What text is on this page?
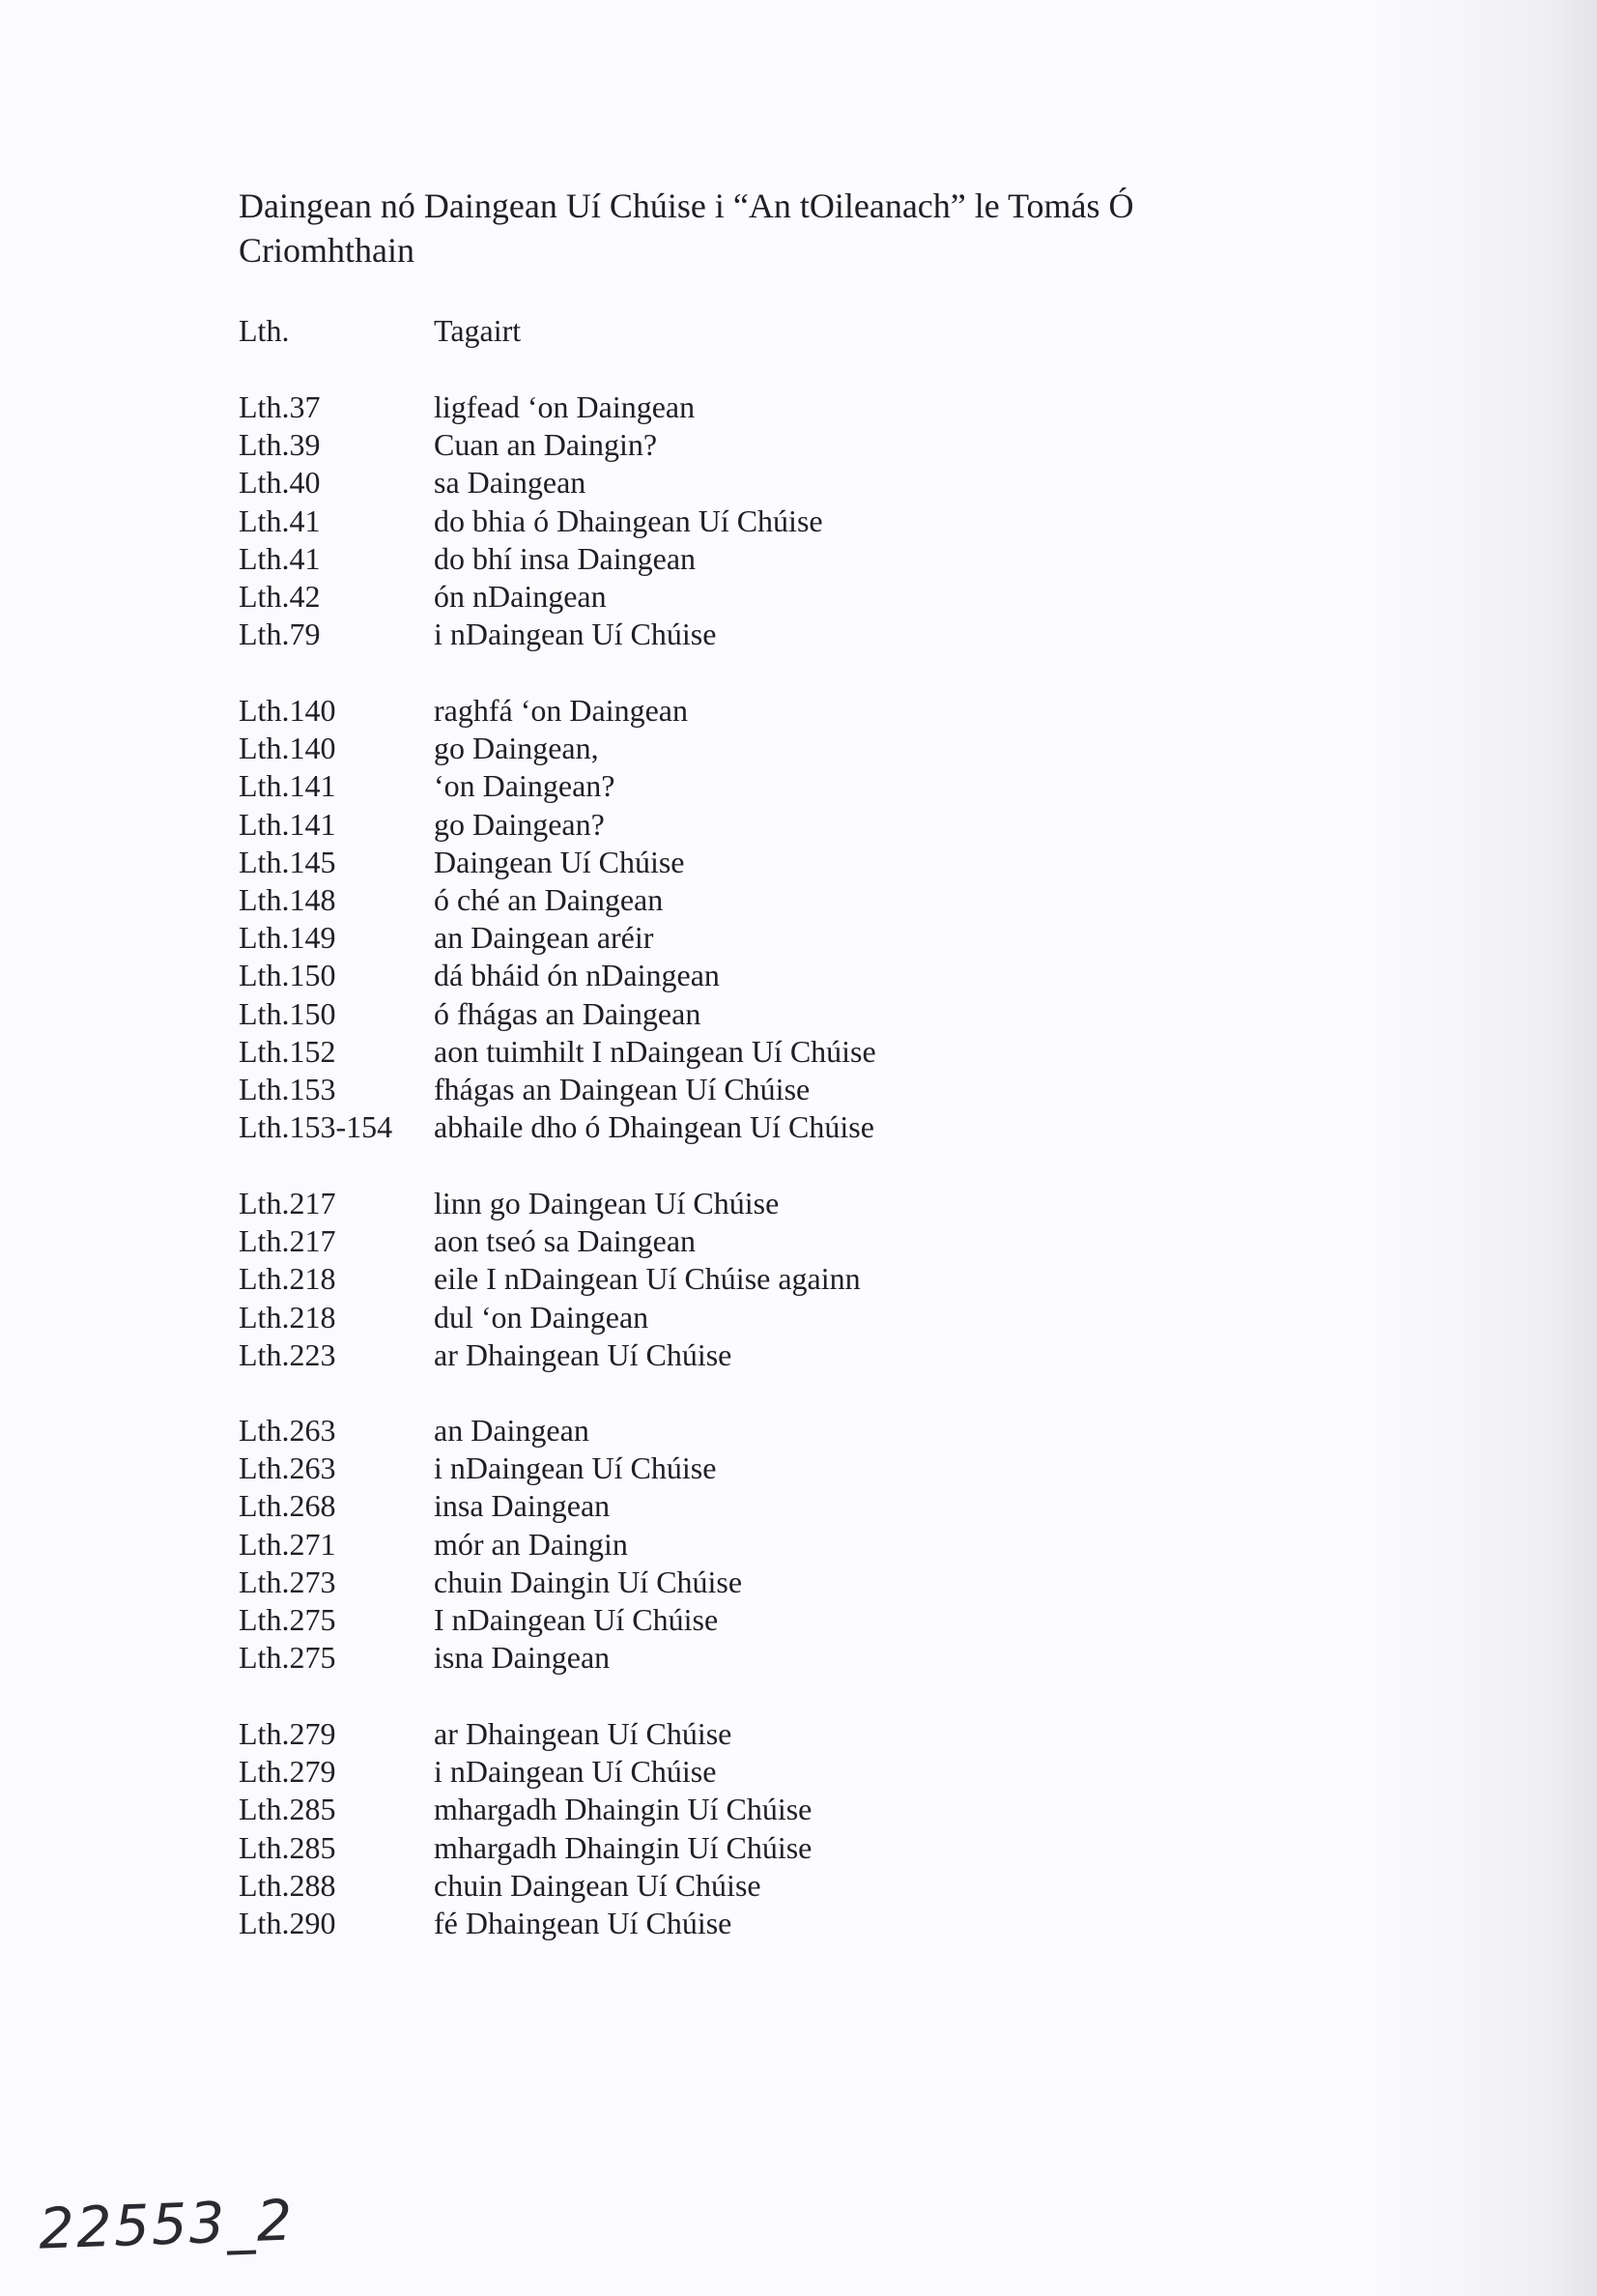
Daingean nó Daingean Uí Chúise i “An tOileanach” le Tomás Ó Criomhthain
Lth.	Tagairt
Lth.37	ligfead ‘on Daingean
Lth.39	Cuan an Daingin?
Lth.40	sa Daingean
Lth.41	do bhia ó Dhaingean Uí Chúise
Lth.41	do bhí insa Daingean
Lth.42	ón nDaingean
Lth.79	i nDaingean Uí Chúise
Lth.140	raghfá ‘on Daingean
Lth.140	go Daingean,
Lth.141	‘on Daingean?
Lth.141	go Daingean?
Lth.145	Daingean Uí Chúise
Lth.148	ó ché an Daingean
Lth.149	an Daingean aréir
Lth.150	dá bháid ón nDaingean
Lth.150	ó fhágas an Daingean
Lth.152	aon tuimhilt I nDaingean Uí Chúise
Lth.153	fhágas an Daingean Uí Chúise
Lth.153-154 abhaile dho ó Dhaingean Uí Chúise
Lth.217	linn go Daingean Uí Chúise
Lth.217	aon tseó sa Daingean
Lth.218	eile I nDaingean Uí Chúise againn
Lth.218	dul ‘on Daingean
Lth.223	ar Dhaingean Uí Chúise
Lth.263	an Daingean
Lth.263	i nDaingean Uí Chúise
Lth.268	insa Daingean
Lth.271	mór an Daingin
Lth.273	chuin Daingin Uí Chúise
Lth.275	I nDaingean Uí Chúise
Lth.275	isna Daingean
Lth.279	ar Dhaingean Uí Chúise
Lth.279	i nDaingean Uí Chúise
Lth.285	mhargadh Dhaingin Uí Chúise
Lth.285	mhargadh Dhaingin Uí Chúise
Lth.288	chuin Daingean Uí Chúise
Lth.290	fé Dhaingean Uí Chúise
22553_2
